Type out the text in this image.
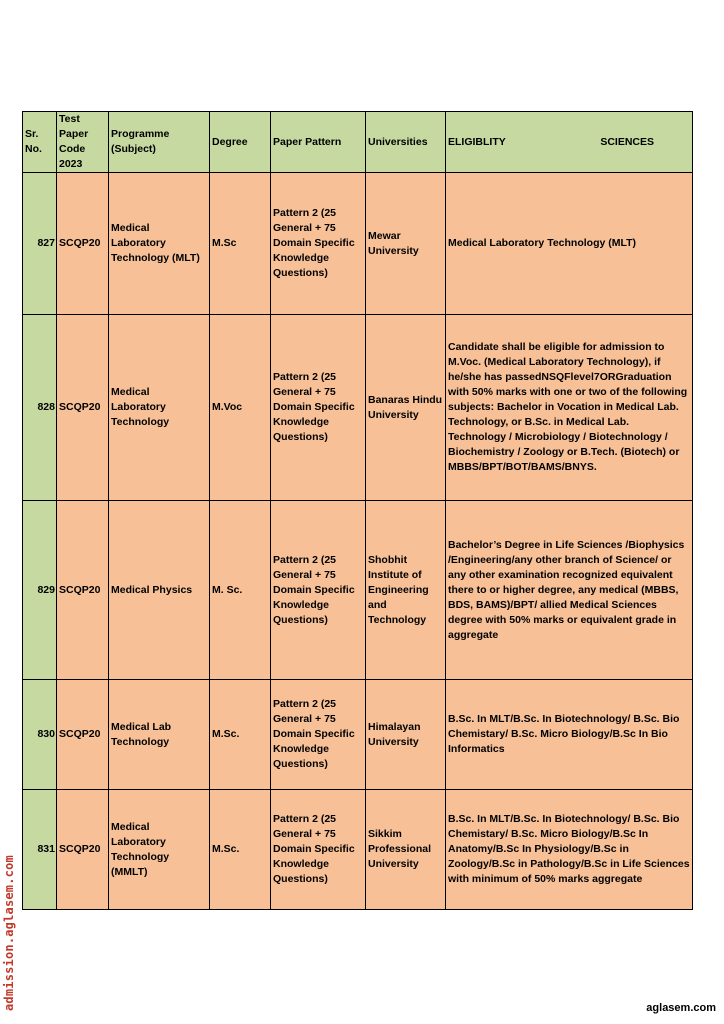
Sr. No.	Test Paper Code 2023	Programme (Subject)	Degree	Paper Pattern	Universities	ELIGIBLITY SCIENCES

827	SCQP20	Medical Laboratory Technology (MLT)	M.Sc	Pattern 2 (25 General + 75 Domain Specific Knowledge Questions)	Mewar University	Medical Laboratory Technology (MLT)
828	SCQP20	Medical Laboratory Technology	M.Voc	Pattern 2 (25 General + 75 Domain Specific Knowledge Questions)	Banaras Hindu University	Candidate shall be eligible for admission to M.Voc. (Medical Laboratory Technology), if he/she has passedNSQFlevel7ORGraduation with 50% marks with one or two of the following subjects: Bachelor in Vocation in Medical Lab. Technology, or B.Sc. in Medical Lab. Technology / Microbiology / Biotechnology / Biochemistry / Zoology or B.Tech. (Biotech) or MBBS/BPT/BOT/BAMS/BNYS.
829	SCQP20	Medical Physics	M. Sc.	Pattern 2 (25 General + 75 Domain Specific Knowledge Questions)	Shobhit Institute of Engineering and Technology	Bachelor’s Degree in Life Sciences /Biophysics /Engineering/any other branch of Science/ or any other examination recognized equivalent there to or higher degree, any medical (MBBS, BDS, BAMS)/BPT/ allied Medical Sciences degree with 50% marks or equivalent grade in aggregate
830	SCQP20	Medical Lab Technology	M.Sc.	Pattern 2 (25 General + 75 Domain Specific Knowledge Questions)	Himalayan University	B.Sc. In MLT/B.Sc. In Biotechnology/ B.Sc. Bio Chemistary/ B.Sc. Micro Biology/B.Sc In Bio Informatics
831	SCQP20	Medical Laboratory Technology (MMLT)	M.Sc.	Pattern 2 (25 General + 75 Domain Specific Knowledge Questions)	Sikkim Professional University	B.Sc. In MLT/B.Sc. In Biotechnology/ B.Sc. Bio Chemistary/ B.Sc. Micro Biology/B.Sc In Anatomy/B.Sc In Physiology/B.Sc in Zoology/B.Sc in Pathology/B.Sc in Life Sciences with minimum of 50% marks aggregate
admission.aglasem.com	aglasem.com
